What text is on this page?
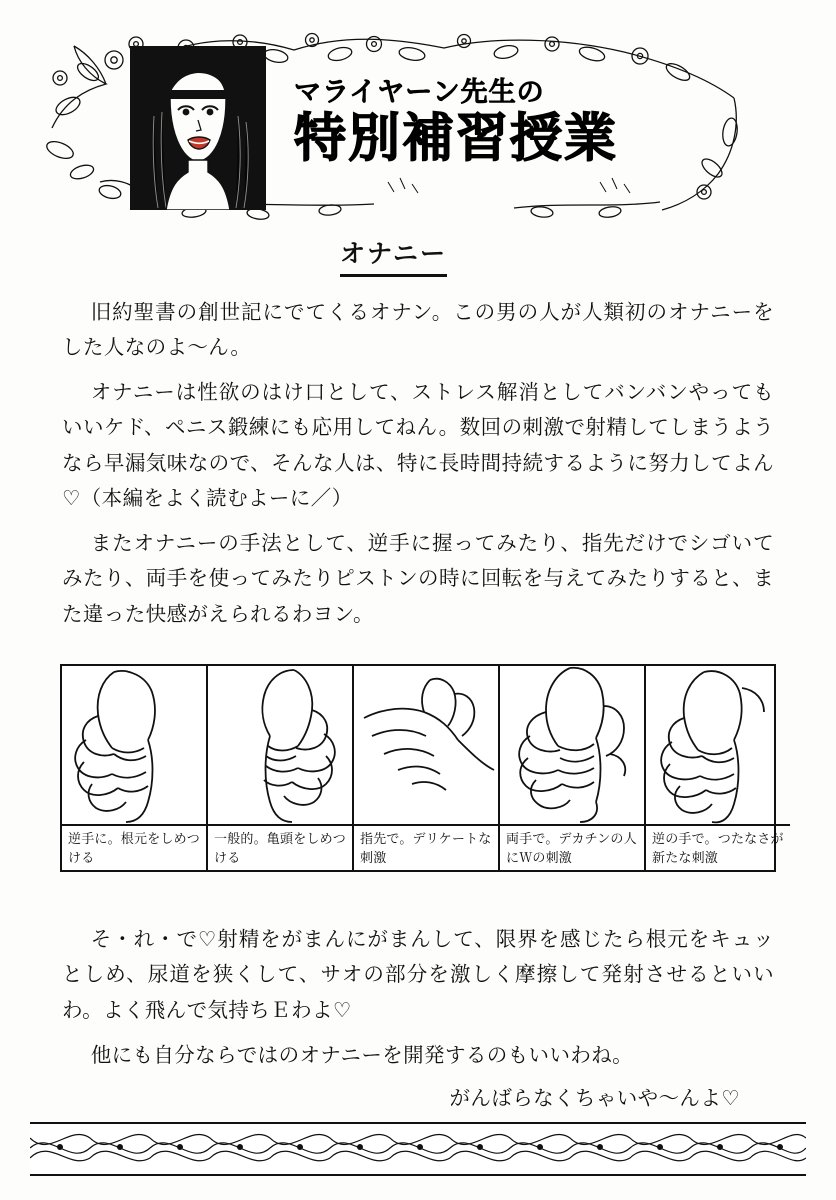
マライヤーン先生の
特別補習授業
オナニー

旧約聖書の創世記にでてくるオナン。この男の人が人類初のオナニーをした人なのよ〜ん。

オナニーは性欲のはけ口として、ストレス解消としてバンバンやってもいいケド、ペニス鍛練にも応用してねん。数回の刺激で射精してしまうようなら早漏気味なので、そんな人は、特に長時間持続するように努力してよん♡（本編をよく読むよーに／）

またオナニーの手法として、逆手に握ってみたり、指先だけでシゴいてみたり、両手を使ってみたりピストンの時に回転を与えてみたりすると、また違った快感がえられるわヨン。

逆手に。根元をしめつける
一般的。亀頭をしめつける
指先で。デリケートな刺激
両手で。デカチンの人にＷの刺激
逆の手で。つたなさが新たな刺激

そ・れ・で♡射精をがまんにがまんして、限界を感じたら根元をキュッとしめ、尿道を狭くして、サオの部分を激しく摩擦して発射させるといいわ。よく飛んで気持ちＥわよ♡

他にも自分ならではのオナニーを開発するのもいいわね。

がんばらなくちゃいや〜んよ♡
